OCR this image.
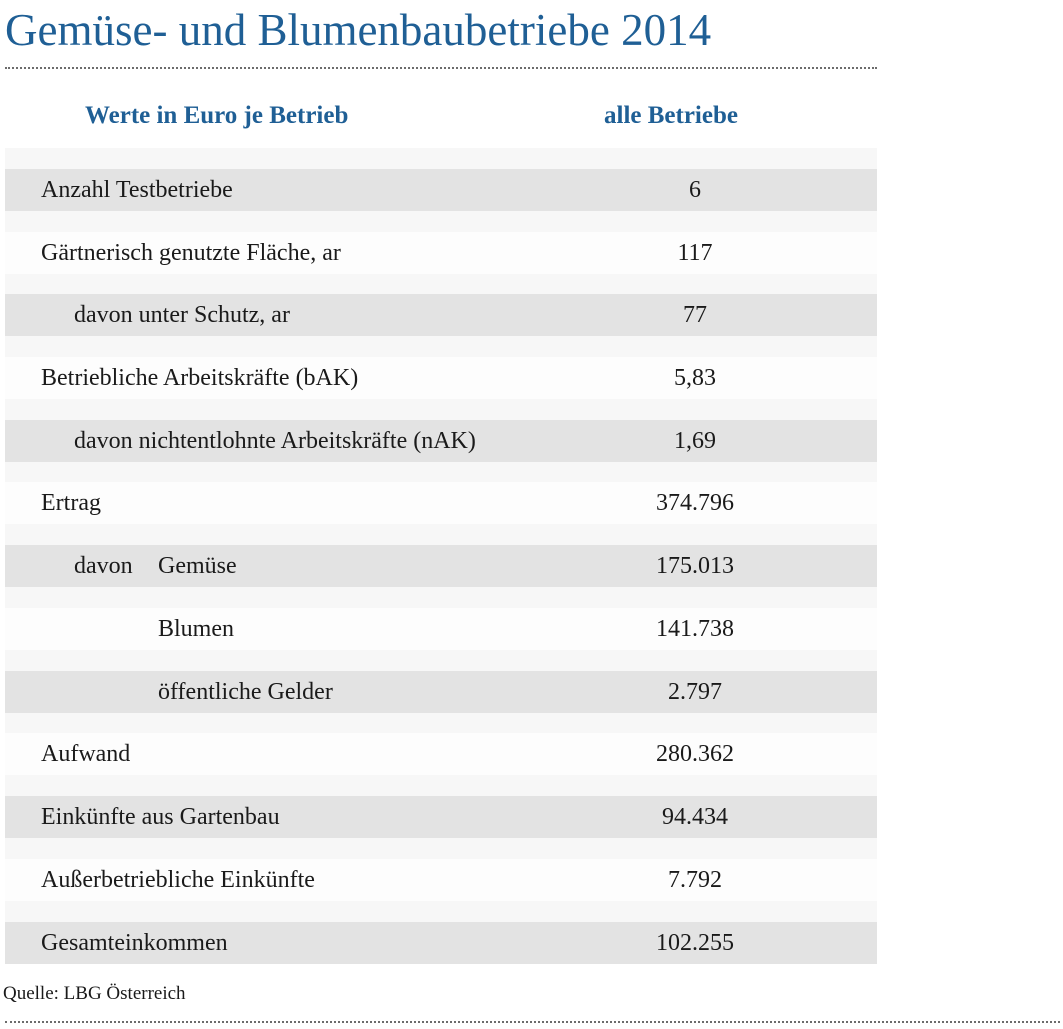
Gemüse- und Blumenbaubetriebe 2014
Werte in Euro je Betrieb	alle Betriebe
Anzahl Testbetriebe	6
Gärtnerisch genutzte Fläche, ar	117
davon unter Schutz, ar	77
Betriebliche Arbeitskräfte (bAK)	5,83
davon nichtentlohnte Arbeitskräfte (nAK)	1,69
Ertrag	374.796
davon Gemüse	175.013
Blumen	141.738
öffentliche Gelder	2.797
Aufwand	280.362
Einkünfte aus Gartenbau	94.434
Außerbetriebliche Einkünfte	7.792
Gesamteinkommen	102.255
Quelle: LBG Österreich
